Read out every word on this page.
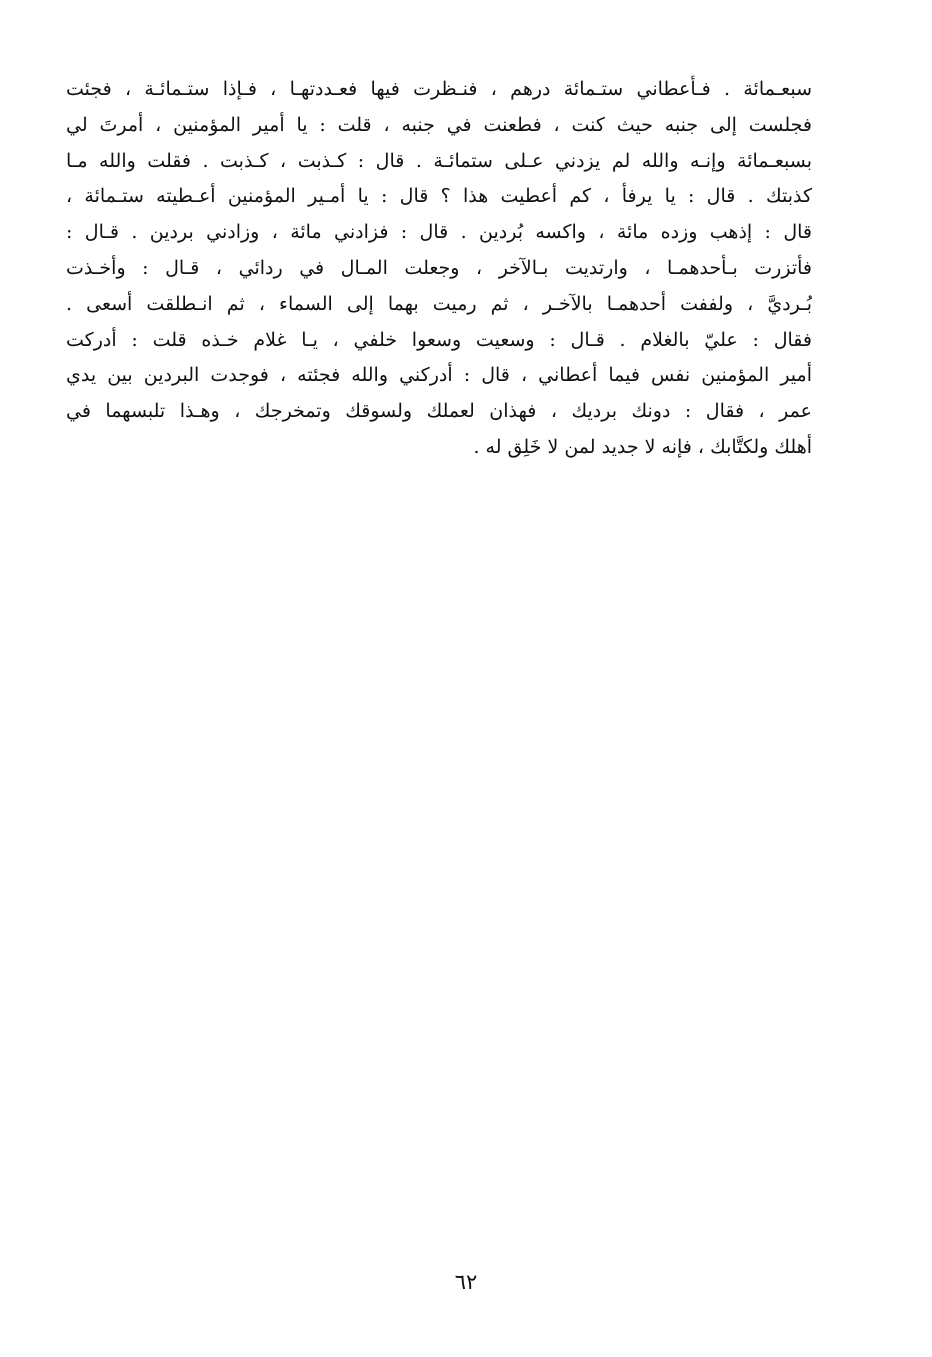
سبعـمائة . فـأعطاني ستـمائة درهم ، فنـظرت فيها فعـددتهـا ، فـإذا ستـمائـة ، فجئت
فجلست إلى جنبه حيث كنت ، فطعنت في جنبه ، قلت : يا أمير المؤمنين ، أمرتَ لي
بسبعـمائة وإنـه والله لم يزدني عـلى ستمائـة . قال : كـذبت ، كـذبت . فقلت والله مـا
كذبتك . قال : يا يرفأ ، كم أعطيت هذا ؟ قال : يا أمـير المؤمنين أعـطيته ستـمائة ،
قال : إذهب وزده مائة ، واكسه بُردين . قال : فزادني مائة ، وزادني بردين . قـال :
فأتزرت بـأحدهمـا ، وارتديت بـالآخر ، وجعلت المـال في ردائي ، قـال : وأخـذت
بُـرديَّ ، ولففت أحدهمـا بالآخـر ، ثم رميت بهما إلى السماء ، ثم انـطلقت أسعى .
فقال : عليّ بالغلام . قـال : وسعيت وسعوا خلفي ، يـا غلام خـذه قلت : أدركت
أمير المؤمنين نفس فيما أعطاني ، قال : أدركني والله فجئته ، فوجدت البردين بين يدي
عمر ، فقال : دونك برديك ، فهذان لعملك ولسوقك وتمخرجك ، وهـذا تلبسهما في
أهلك ولكتَّابك ، فإنه لا جديد لمن لا خَلِق له .
٦٢
